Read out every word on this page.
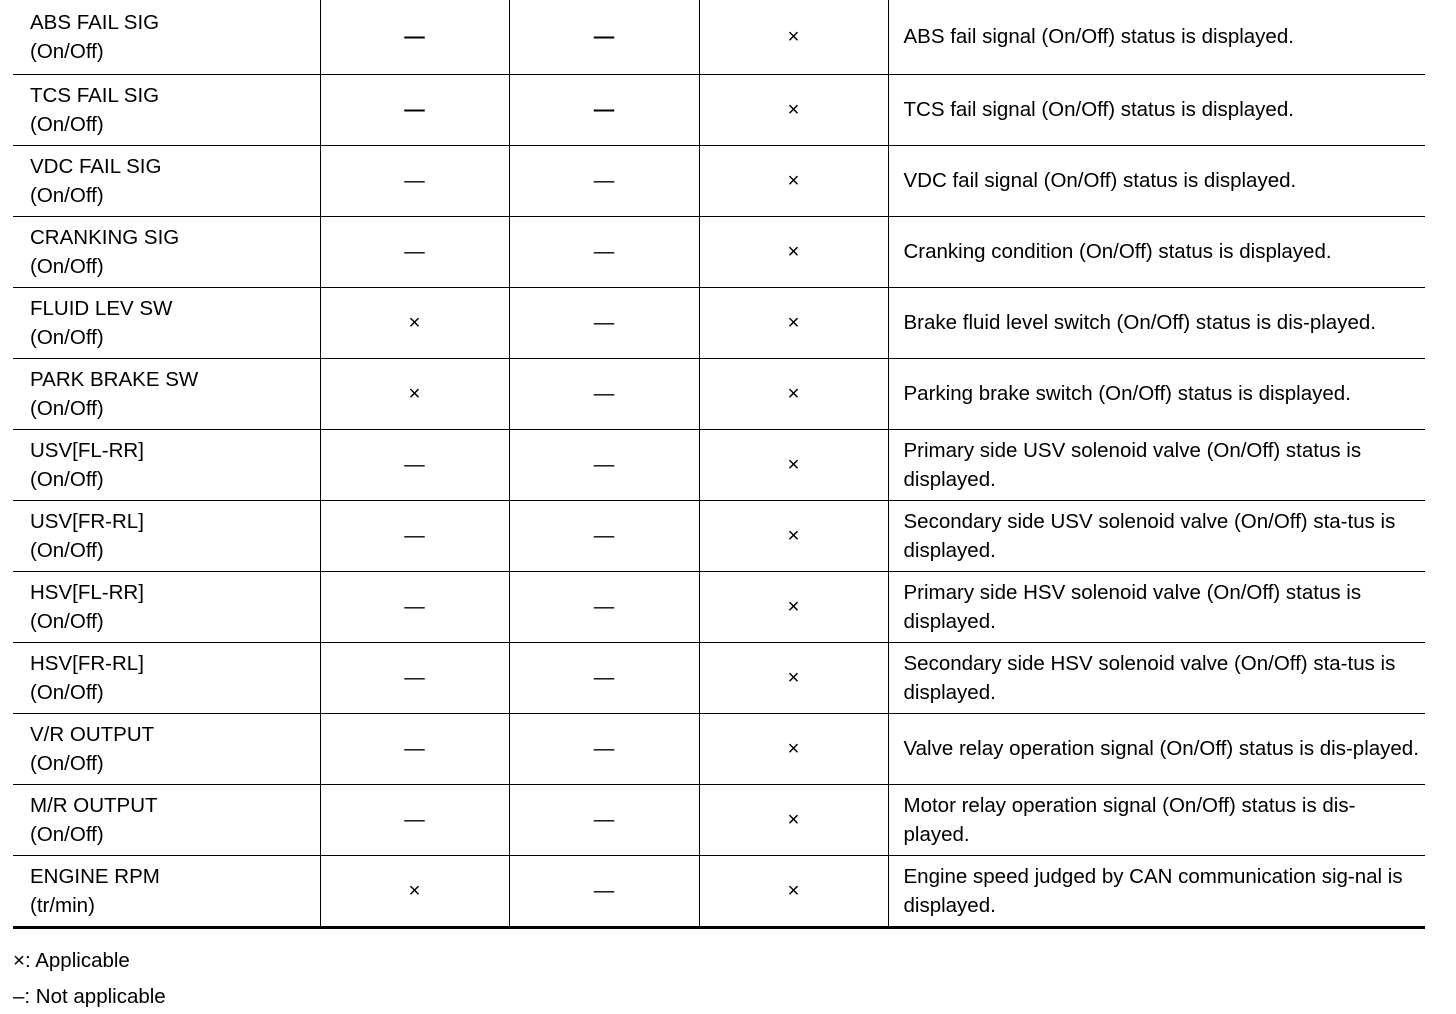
ABS FAIL SIG
(On/Off)	—	—	×	ABS fail signal (On/Off) status is displayed.

TCS FAIL SIG
(On/Off)	—	—	×	TCS fail signal (On/Off) status is displayed.

VDC FAIL SIG
(On/Off)	—	—	×	VDC fail signal (On/Off) status is displayed.

CRANKING SIG
(On/Off)	—	—	×	Cranking condition (On/Off) status is displayed.

FLUID LEV SW
(On/Off)	×	—	×	Brake fluid level switch (On/Off) status is dis-played.

PARK BRAKE SW
(On/Off)	×	—	×	Parking brake switch (On/Off) status is displayed.

USV[FL-RR]
(On/Off)	—	—	×	Primary side USV solenoid valve (On/Off) status is displayed.

USV[FR-RL]
(On/Off)	—	—	×	Secondary side USV solenoid valve (On/Off) sta-tus is displayed.

HSV[FL-RR]
(On/Off)	—	—	×	Primary side HSV solenoid valve (On/Off) status is displayed.

HSV[FR-RL]
(On/Off)	—	—	×	Secondary side HSV solenoid valve (On/Off) sta-tus is displayed.

V/R OUTPUT
(On/Off)	—	—	×	Valve relay operation signal (On/Off) status is dis-played.

M/R OUTPUT
(On/Off)	—	—	×	Motor relay operation signal (On/Off) status is dis-played.

ENGINE RPM
(tr/min)	×	—	×	Engine speed judged by CAN communication sig-nal is displayed.
×: Applicable
–: Not applicable
